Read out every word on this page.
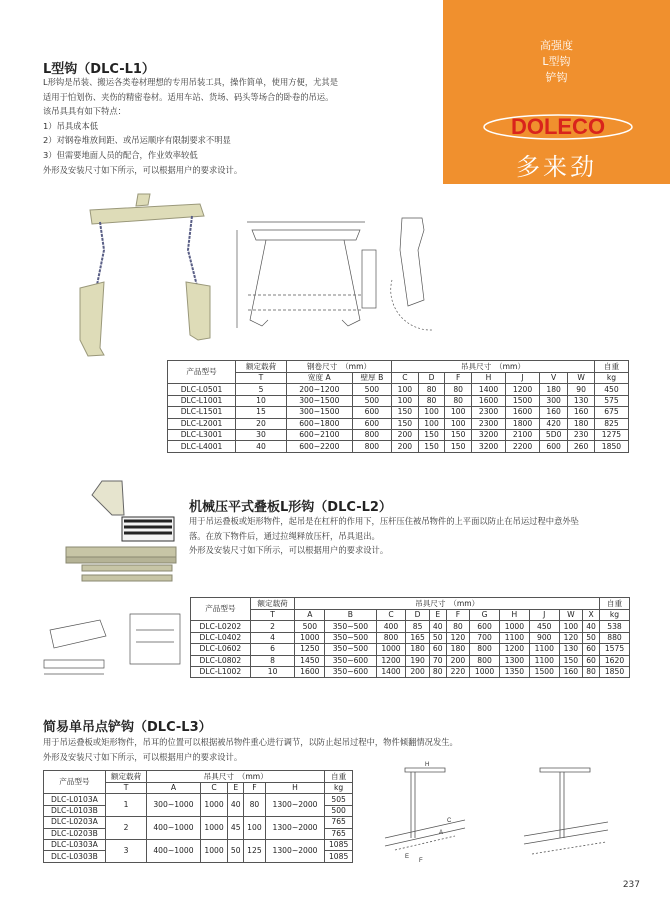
高强度
L型钩
铲钩
DOLECO
多来劲
L型钩（DLC-L1）
L形钩是吊装、搬运各类卷材理想的专用吊装工具，操作简单，使用方便，尤其是
适用于怕划伤、夹伤的精密卷材。适用车站、货场、码头等场合的卧卷的吊运。
该吊具具有如下特点：
1）吊具成本低
2）对钢卷堆放间距、或吊运顺序有限制要求不明显
3）但需要地面人员的配合，作业效率较低
外形及安装尺寸如下所示，可以根据用户的要求设计。
产品型号	额定载荷	钢卷尺寸　（mm）		吊具尺寸　（mm）							自重
	T	宽度 A	壁厚 B	C	D	F	H	J	V	W	kg
DLC-L0501	5	200~1200	500	100	80	80	1400	1200	180	90	450
DLC-L1001	10	300~1500	500	100	80	80	1600	1500	300	130	575
DLC-L1501	15	300~1500	600	150	100	100	2300	1600	160	160	675
DLC-L2001	20	600~1800	600	150	100	100	2300	1800	420	180	825
DLC-L3001	30	600~2100	800	200	150	150	3200	2100	5D0	230	1275
DLC-L4001	40	600~2200	800	200	150	150	3200	2200	600	260	1850
机械压平式叠板L形钩（DLC-L2）
用于吊运叠板或矩形物件，起吊是在杠杆的作用下，压杆压住被吊物件的上平面以防止在吊运过程中意外坠
落。在放下物件后，通过拉绳释放压杆，吊具退出。
外形及安装尺寸如下所示，可以根据用户的要求设计。
产品型号	额定载荷	吊具尺寸　（mm）											自重
	T	A	B	C	D	E	F	G	H	J	W	X	kg
DLC-L0202	2	500	350~500	400	85	40	80	600	1000	450	100	40	538
DLC-L0402	4	1000	350~500	800	165	50	120	700	1100	900	120	50	880
DLC-L0602	6	1250	350~500	1000	180	60	180	800	1200	1100	130	60	1575
DLC-L0802	8	1450	350~600	1200	190	70	200	800	1300	1100	150	60	1620
DLC-L1002	10	1600	350~600	1400	200	80	220	1000	1350	1500	160	80	1850
简易单吊点铲钩（DLC-L3）
用于吊运叠板或矩形物件，吊耳的位置可以根据被吊物件重心进行调节，以防止起吊过程中，物件倾翻情况发生。
外形及安装尺寸如下所示，可以根据用户的要求设计。
产品型号	额定载荷	吊具尺寸　（mm）					自重
	T	A	C	E	F	H	kg
DLC-L0103A	1	300~1000	1000	40	80	1300~2000	505
DLC-L0103B							500
DLC-L0203A	2	400~1000	1000	45	100	1300~2000	765
DLC-L0203B							765
DLC-L0303A	3	400~1000	1000	50	125	1300~2000	1085
DLC-L0303B							1085
H
A
C
E
F
237
